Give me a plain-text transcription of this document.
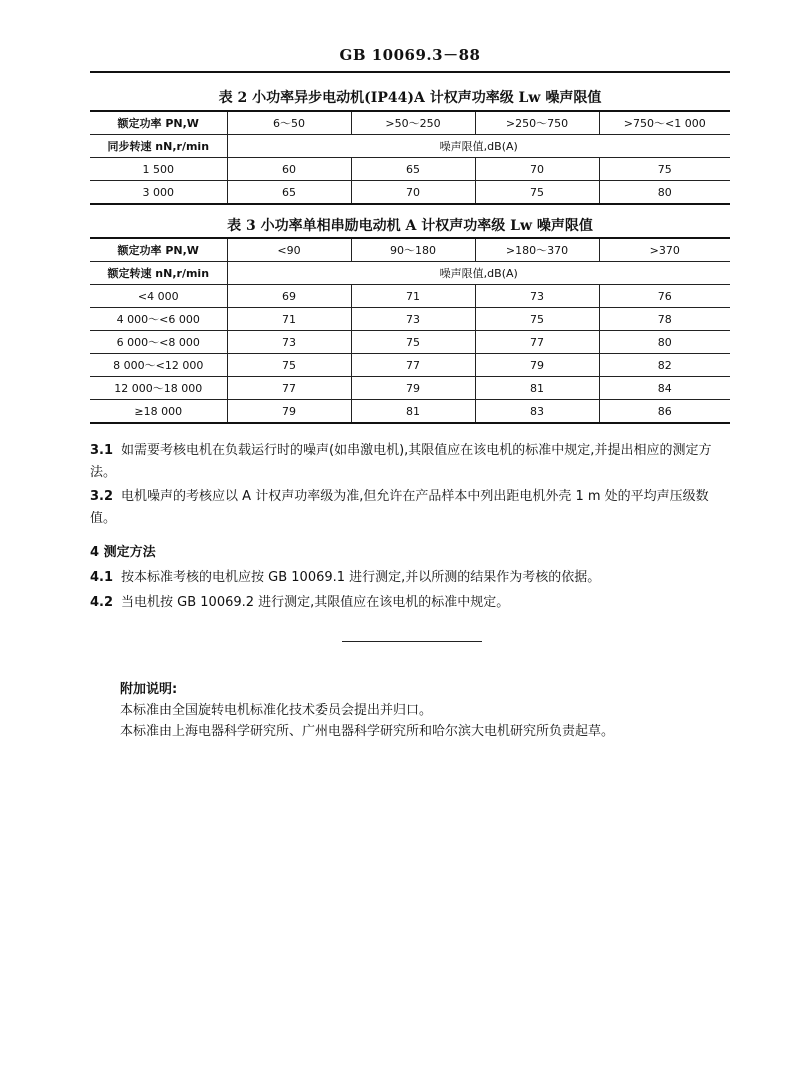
GB 10069.3－88
表 2 小功率异步电动机(IP44)A 计权声功率级 Lw 噪声限值
额定功率 PN,W	6～50	>50～250	>250～750	>750～<1 000
同步转速 nN,r/min	噪声限值,dB(A)			
1 500	60	65	70	75
3 000	65	70	75	80
表 3 小功率单相串励电动机 A 计权声功率级 Lw 噪声限值
额定功率 PN,W	<90	90～180	>180～370	>370
额定转速 nN,r/min	噪声限值,dB(A)			
<4 000	69	71	73	76
4 000～<6 000	71	73	75	78
6 000～<8 000	73	75	77	80
8 000～<12 000	75	77	79	82
12 000～18 000	77	79	81	84
≥18 000	79	81	83	86
3.1 如需要考核电机在负载运行时的噪声(如串激电机),其限值应在该电机的标准中规定,并提出相应的测定方法。
3.2 电机噪声的考核应以 A 计权声功率级为准,但允许在产品样本中列出距电机外壳 1 m 处的平均声压级数值。
4 测定方法
4.1 按本标准考核的电机应按 GB 10069.1 进行测定,并以所测的结果作为考核的依据。
4.2 当电机按 GB 10069.2 进行测定,其限值应在该电机的标准中规定。
附加说明:
本标准由全国旋转电机标准化技术委员会提出并归口。
本标准由上海电器科学研究所、广州电器科学研究所和哈尔滨大电机研究所负责起草。
